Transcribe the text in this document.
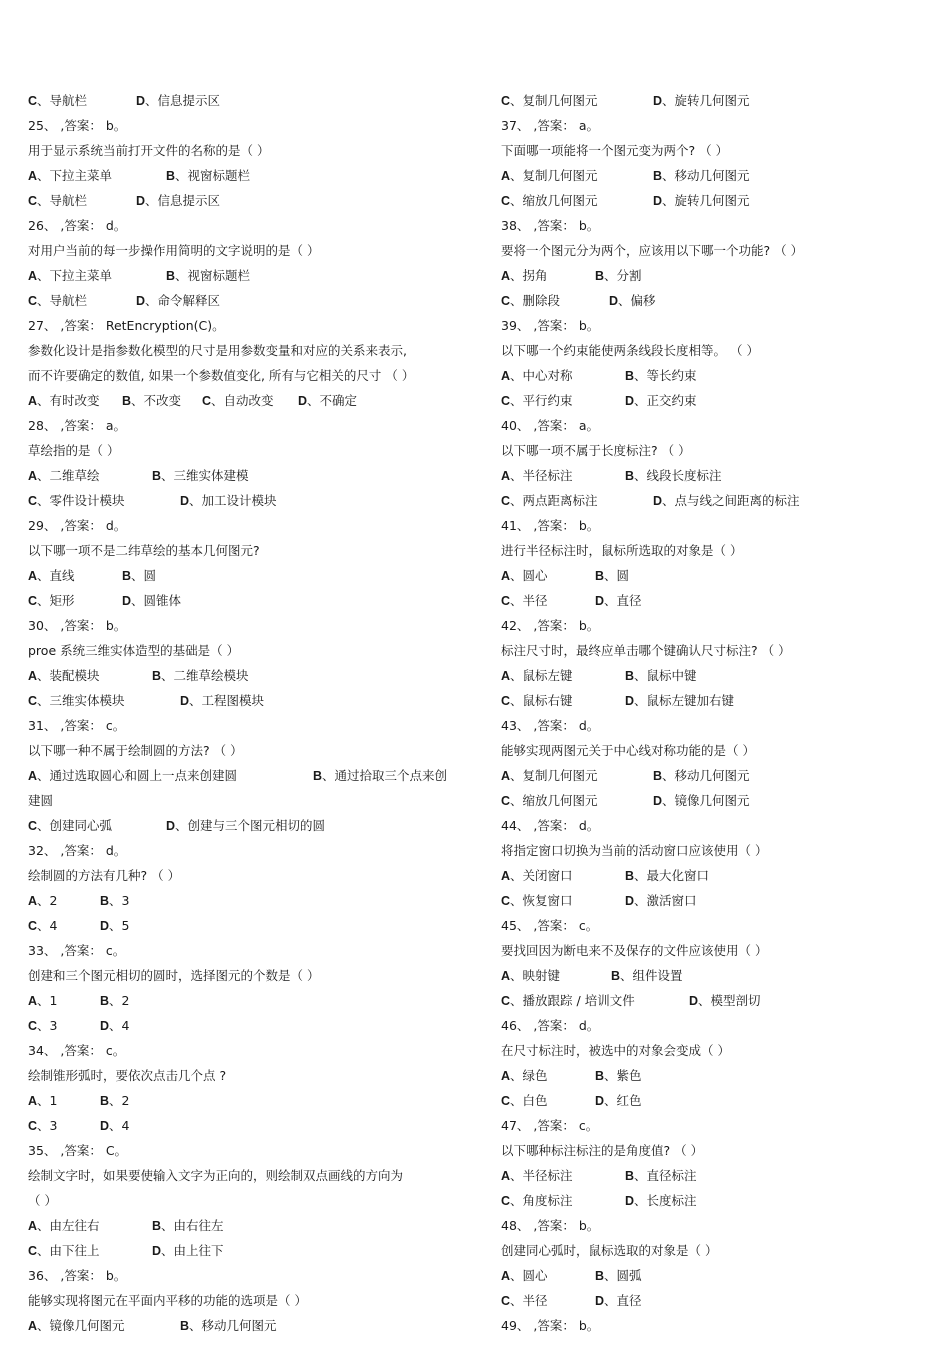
C、导航栏	D、信息提示区
25、 ,答案： b。
用于显示系统当前打开文件的名称的是（ ）
A、下拉主菜单	B、视窗标题栏
C、导航栏	D、信息提示区
26、 ,答案： d。
对用户当前的每一步操作用简明的文字说明的是（ ）
A、下拉主菜单	B、视窗标题栏
C、导航栏	D、命令解释区
27、 ,答案： RetEncryption(C)。
参数化设计是指参数化模型的尺寸是用参数变量和对应的关系来表示,
而不许要确定的数值, 如果一个参数值变化, 所有与它相关的尺寸 （ ）
A、有时改变 B、不改变 C、自动改变 D、不确定
28、 ,答案： a。
草绘指的是（ ）
A、二维草绘	B、三维实体建模
C、零件设计模块	D、加工设计模块
29、 ,答案： d。
以下哪一项不是二纬草绘的基本几何图元?
A、直线	B、圆
C、矩形	D、圆锥体
30、 ,答案： b。
proe 系统三维实体造型的基础是（ ）
A、装配模块	B、二维草绘模块
C、三维实体模块	D、工程图模块
31、 ,答案： c。
以下哪一种不属于绘制圆的方法? （ ）
A、通过选取圆心和圆上一点来创建圆	B、通过拾取三个点来创
建圆
C、创建同心弧	D、创建与三个图元相切的圆
32、 ,答案： d。
绘制圆的方法有几种? （ ）
A、2	B、3
C、4	D、5
33、 ,答案： c。
创建和三个图元相切的圆时，选择图元的个数是（ ）
A、1	B、2
C、3	D、4
34、 ,答案： c。
绘制锥形弧时，要依次点击几个点 ?
A、1	B、2
C、3	D、4
35、 ,答案： C。
绘制文字时，如果要使输入文字为正向的，则绘制双点画线的方向为
（ ）
A、由左往右	B、由右往左
C、由下往上	D、由上往下
36、 ,答案： b。
能够实现将图元在平面内平移的功能的选项是（ ）
A、镜像几何图元	B、移动几何图元
C、复制几何图元	D、旋转几何图元
37、 ,答案： a。
下面哪一项能将一个图元变为两个? （ ）
A、复制几何图元	B、移动几何图元
C、缩放几何图元	D、旋转几何图元
38、 ,答案： b。
要将一个图元分为两个，应该用以下哪一个功能? （ ）
A、拐角	B、分割
C、删除段	D、偏移
39、 ,答案： b。
以下哪一个约束能使两条线段长度相等。 （ ）
A、中心对称	B、等长约束
C、平行约束	D、正交约束
40、 ,答案： a。
以下哪一项不属于长度标注? （ ）
A、半径标注	B、线段长度标注
C、两点距离标注	D、点与线之间距离的标注
41、 ,答案： b。
进行半径标注时，鼠标所选取的对象是（ ）
A、圆心	B、圆
C、半径	D、直径
42、 ,答案： b。
标注尺寸时，最终应单击哪个键确认尺寸标注? （ ）
A、鼠标左键	B、鼠标中键
C、鼠标右键	D、鼠标左键加右键
43、 ,答案： d。
能够实现两图元关于中心线对称功能的是（ ）
A、复制几何图元	B、移动几何图元
C、缩放几何图元	D、镜像几何图元
44、 ,答案： d。
将指定窗口切换为当前的活动窗口应该使用（ ）
A、关闭窗口	B、最大化窗口
C、恢复窗口	D、激活窗口
45、 ,答案： c。
要找回因为断电来不及保存的文件应该使用（ ）
A、映射键	B、组件设置
C、播放跟踪 / 培训文件	D、模型剖切
46、 ,答案： d。
在尺寸标注时，被选中的对象会变成（ ）
A、绿色	B、紫色
C、白色	D、红色
47、 ,答案： c。
以下哪种标注标注的是角度值? （ ）
A、半径标注	B、直径标注
C、角度标注	D、长度标注
48、 ,答案： b。
创建同心弧时，鼠标选取的对象是（ ）
A、圆心	B、圆弧
C、半径	D、直径
49、 ,答案： b。
